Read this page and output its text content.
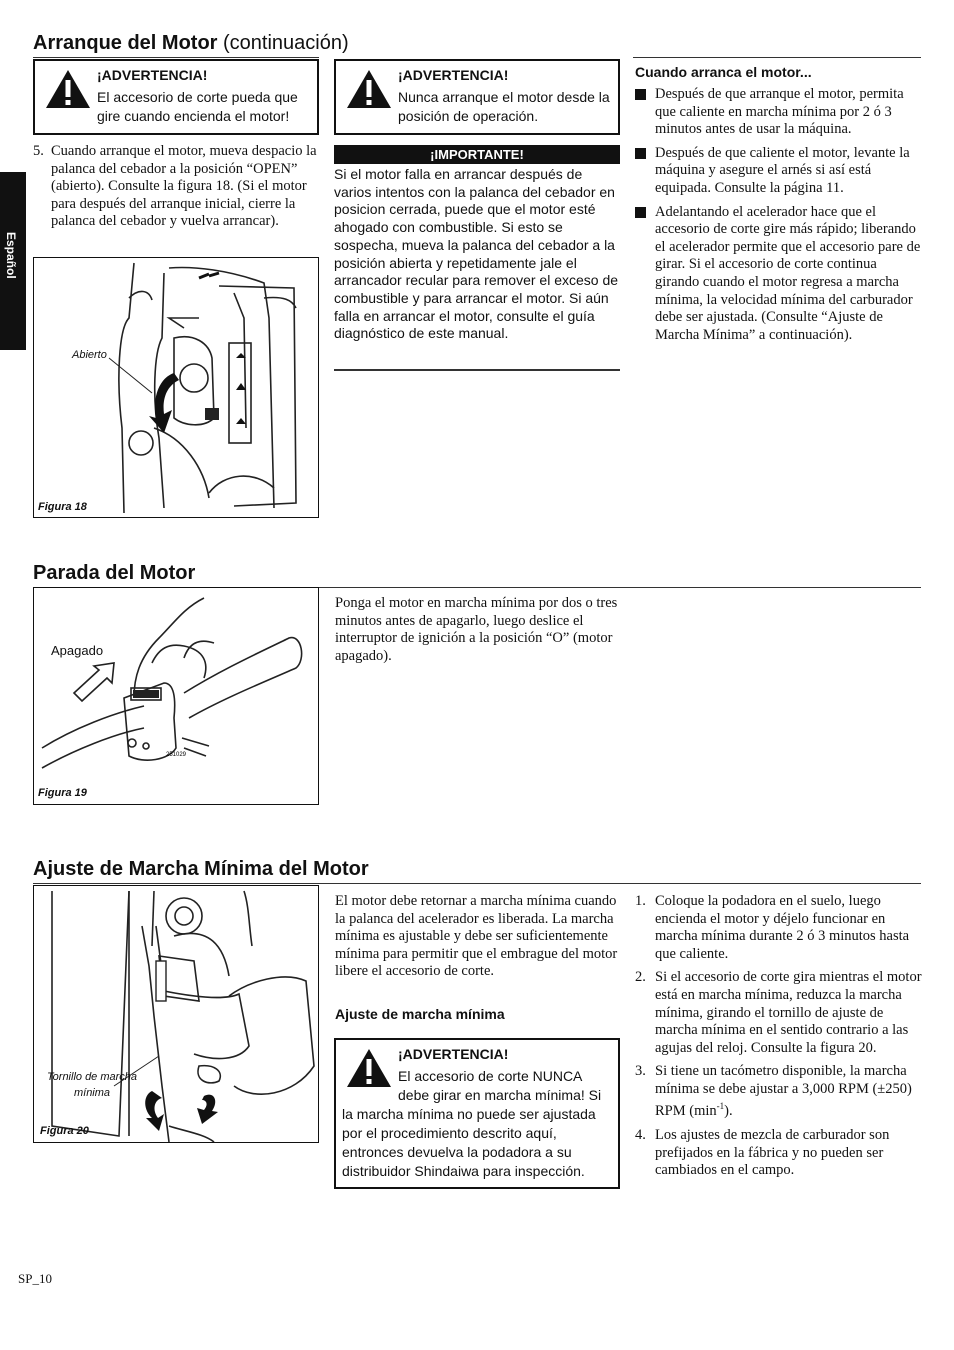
Español
Arranque del Motor (continuación)
¡ADVERTENCIA!
El accesorio de corte pueda que gire cuando encienda el motor!
5. Cuando arranque el motor, mueva despacio la palanca del cebador a la posición “OPEN” (abierto). Consulte la figura 18. (Si el motor para después del arranque inicial, cierre la palanca del cebador y vuelva arrancar).
Abierto
Figura 18
¡ADVERTENCIA!
Nunca arranque el motor desde la posición de operación.
¡IMPORTANTE!
Si el motor falla en arrancar después de varios intentos con la palanca del cebador en posicion cerrada, puede que el motor esté ahogado con combustible. Si esto se sospecha, mueva la palanca del cebador a la posición abierta y repetidamente jale el arrancador recular para remover el exceso de combustible y para arrancar el motor. Si aún falla en arrancar el motor, consulte el guía diagnóstico de este manual.
Cuando arranca el motor...
Después de que arranque el motor, permita que caliente en marcha mínima por 2 ó 3 minutos antes de usar la máquina.
Después de que caliente el motor, levante la máquina y asegure el arnés si así está equipada. Consulte la página 11.
Adelantando el acelerador hace que el accesorio de corte gire más rápido; liberando el acelerador permite que el accesorio pare de girar. Si el accesorio de corte continua girando cuando el motor regresa a marcha mínima, la velocidad mínima del carburador debe ser ajustada. (Consulte “Ajuste de Marcha Mínima” a continuación).
Parada del Motor
251029
Apagado
Figura 19
Ponga el motor en marcha mínima por dos o tres minutos antes de apagarlo, luego deslice el interruptor de ignición a la posición “O” (motor apagado).
Ajuste de Marcha Mínima del Motor
Tornillo de marcha mínima
Figura 20
El motor debe retornar a marcha mínima cuando la palanca del acelerador es liberada. La marcha mínima es ajustable y debe ser suficientemente mínima para permitir que el embrague del motor libere el accesorio de corte.
Ajuste de marcha mínima
¡ADVERTENCIA!
El accesorio de corte NUNCA debe girar en marcha mínima! Si la marcha mínima no puede ser ajustada por el procedimiento descrito aquí, entronces devuelva la podadora a su distribuidor Shindaiwa para inspección.
1. Coloque la podadora en el suelo, luego encienda el motor y déjelo funcionar en marcha mínima durante 2 ó 3 minutos hasta que caliente.
2. Si el accesorio de corte gira mientras el motor está en marcha mínima, reduzca la marcha mínima, girando el tornillo de ajuste de marcha mínima en el sentido contrario a las agujas del reloj. Consulte la figura 20.
3. Si tiene un tacómetro disponible, la marcha mínima se debe ajustar a 3,000 RPM (±250) RPM $(\min^{-1})$.
4. Los ajustes de mezcla de carburador son prefijados en la fábrica y no pueden ser cambiados en el campo.
SP_10
